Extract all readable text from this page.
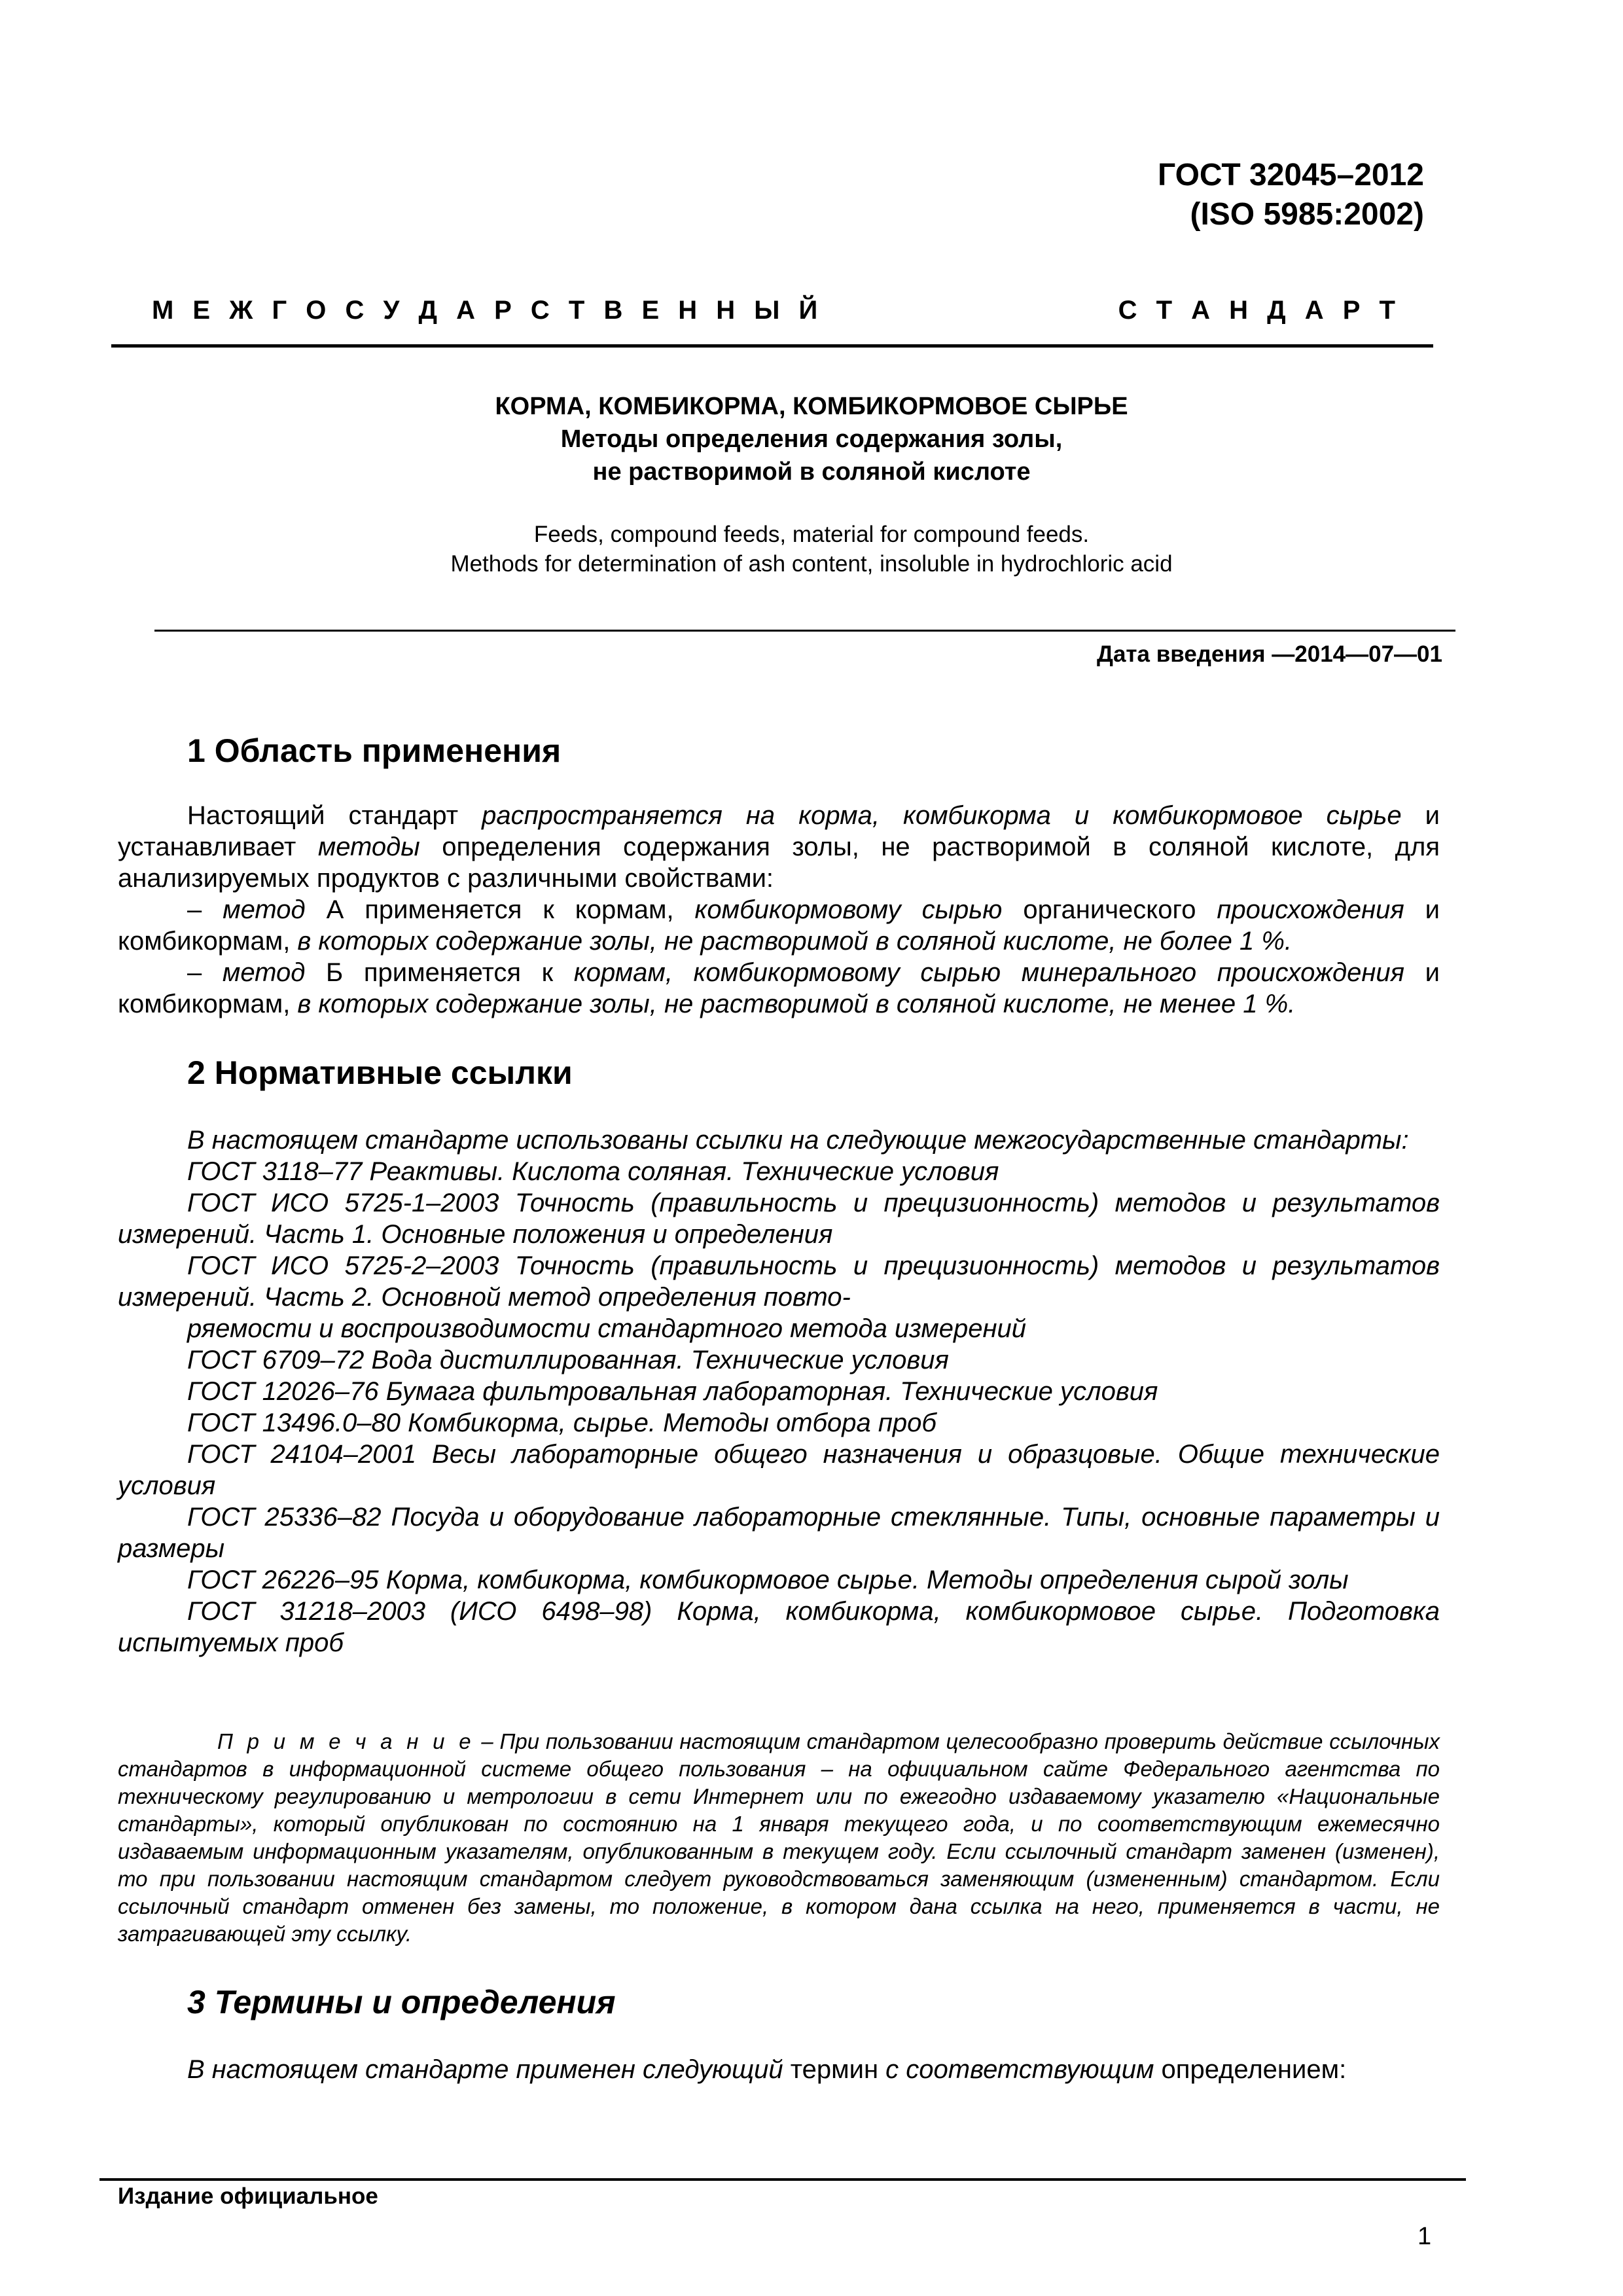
ГОСТ 32045–2012
(ISO 5985:2002)
М Е Ж Г О С У Д А Р С Т В Е Н Н Ы Й	С Т А Н Д А Р Т
КОРМА, КОМБИКОРМА, КОМБИКОРМОВОЕ СЫРЬЕ
Методы определения содержания золы,
не растворимой в соляной кислоте
Feeds, compound feeds, material for compound feeds.
Methods for determination of ash content, insoluble in hydrochloric acid
Дата введения —2014—07—01
1 Область применения

Настоящий стандарт распространяется на корма, комбикорма и комбикормовое сырье и устанавливает методы определения содержания золы, не растворимой в соляной кислоте, для анализируемых продуктов с различными свойствами:

– метод А применяется к кормам, комбикормовому сырью органического происхождения и комбикормам, в которых содержание золы, не растворимой в соляной кислоте, не более 1 %.

– метод Б применяется к кормам, комбикормовому сырью минерального происхождения и комбикормам, в которых содержание золы, не растворимой в соляной кислоте, не менее 1 %.

2 Нормативные ссылки

В настоящем стандарте использованы ссылки на следующие межгосударственные стандарты:

ГОСТ 3118–77 Реактивы. Кислота соляная. Технические условия

ГОСТ ИСО 5725-1–2003 Точность (правильность и прецизионность) методов и результатов измерений. Часть 1. Основные положения и определения

ГОСТ ИСО 5725-2–2003 Точность (правильность и прецизионность) методов и результатов измерений. Часть 2. Основной метод определения повто-

ряемости и воспроизводимости стандартного метода измерений

ГОСТ 6709–72 Вода дистиллированная. Технические условия

ГОСТ 12026–76 Бумага фильтровальная лабораторная. Технические условия

ГОСТ 13496.0–80 Комбикорма, сырье. Методы отбора проб

ГОСТ 24104–2001 Весы лабораторные общего назначения и образцовые. Общие технические условия

ГОСТ 25336–82 Посуда и оборудование лабораторные стеклянные. Типы, основные параметры и размеры

ГОСТ 26226–95 Корма, комбикорма, комбикормовое сырье. Методы определения сырой золы

ГОСТ 31218–2003 (ИСО 6498–98) Корма, комбикорма, комбикормовое сырье. Подготовка испытуемых проб

П р и м е ч а н и е – При пользовании настоящим стандартом целесообразно проверить действие ссылочных стандартов в информационной системе общего пользования – на официальном сайте Федерального агентства по техническому регулированию и метрологии в сети Интернет или по ежегодно издаваемому указателю «Национальные стандарты», который опубликован по состоянию на 1 января текущего года, и по соответствующим ежемесячно издаваемым информационным указателям, опубликованным в текущем году. Если ссылочный стандарт заменен (изменен), то при пользовании настоящим стандартом следует руководствоваться заменяющим (измененным) стандартом. Если ссылочный стандарт отменен без замены, то положение, в котором дана ссылка на него, применяется в части, не затрагивающей эту ссылку.

3 Термины и определения

В настоящем стандарте применен следующий термин с соответствующим определением:

Издание официальное
1
